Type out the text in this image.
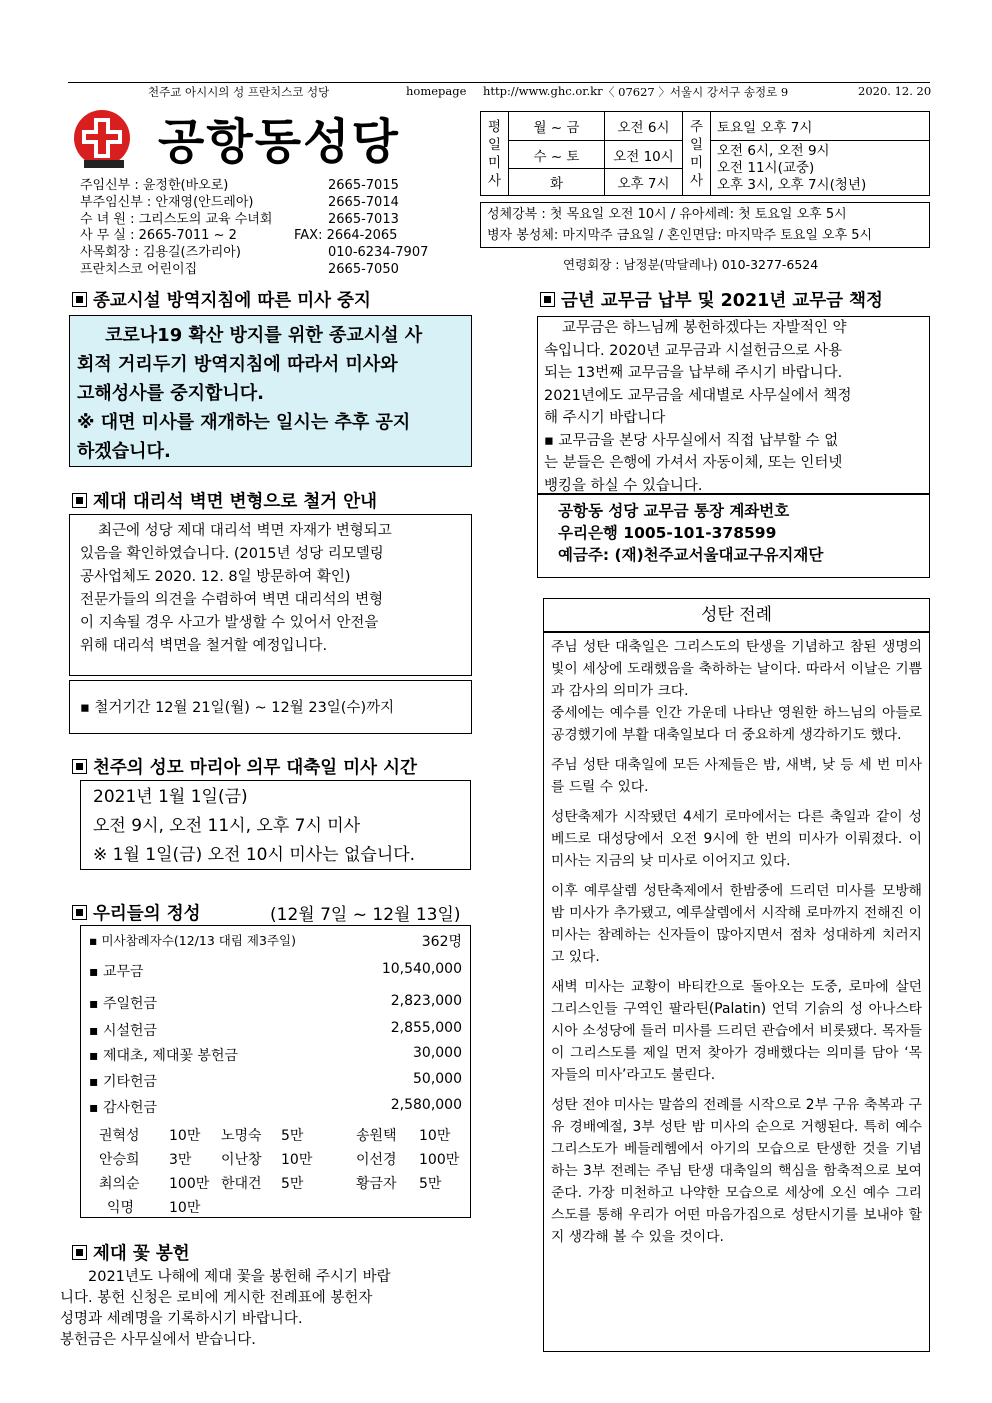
천주교 아시시의 성 프란치스코 성당	homepage http://www.ghc.or.kr 〈 07627 〉서울시 강서구 송정로 9	2020. 12. 20
공항동성당
주임신부 : 윤정한(바오로)	2665-7015
부주임신부 : 안재영(안드레아)	2665-7014
수 녀 원 : 그리스도의 교육 수녀회	2665-7013
사 무 실 : 2665-7011 ~ 2	FAX: 2664-2065
사목회장 : 김용길(즈가리아)	010-6234-7907
프란치스코 어린이집	2665-7050
평일미사	월 ~ 금	오전 6시	주일미사	토요일 오후 7시
	수 ~ 토	오전 10시		오전 6시, 오전 9시
오전 11시(교중)
오후 3시, 오후 7시(청년)

	화	오후 7시		
성체강복 : 첫 목요일 오전 10시 / 유아세례: 첫 토요일 오후 5시
병자 봉성체: 마지막주 금요일 / 혼인면담: 마지막주 토요일 오후 5시
연령회장 : 남정분(막달레나) 010-3277-6524
종교시설 방역지침에 따른 미사 중지
코로나19 확산 방지를 위한 종교시설 사
회적 거리두기 방역지침에 따라서 미사와
고해성사를 중지합니다.
※ 대면 미사를 재개하는 일시는 추후 공지
하겠습니다.
제대 대리석 벽면 변형으로 철거 안내
최근에 성당 제대 대리석 벽면 자재가 변형되고
있음을 확인하였습니다. (2015년 성당 리모델링
공사업체도 2020. 12. 8일 방문하여 확인)
전문가들의 의견을 수렴하여 벽면 대리석의 변형
이 지속될 경우 사고가 발생할 수 있어서 안전을
위해 대리석 벽면을 철거할 예정입니다.
▪ 철거기간 12월 21일(월) ~ 12월 23일(수)까지
천주의 성모 마리아 의무 대축일 미사 시간
2021년 1월 1일(금)
오전 9시, 오전 11시, 오후 7시 미사
※ 1월 1일(금) 오전 10시 미사는 없습니다.
우리들의 정성	(12월 7일 ~ 12월 13일)
▪ 미사참례자수(12/13 대림 제3주일)	362명
▪ 교무금	10,540,000
▪ 주일헌금	2,823,000
▪ 시설헌금	2,855,000
▪ 제대초, 제대꽃 봉헌금	30,000
▪ 기타헌금	50,000
▪ 감사헌금	2,580,000
권혁성 10만 노명숙 5만	송원택 10만
안승희 3만 이난창 10만	이선경 100만
최의순 100만 한대건 5만	황금자 5만
익명 10만
제대 꽃 봉헌
2021년도 나해에 제대 꽃을 봉헌해 주시기 바랍
니다. 봉헌 신청은 로비에 게시한 전례표에 봉헌자
성명과 세례명을 기록하시기 바랍니다.
봉헌금은 사무실에서 받습니다.
금년 교무금 납부 및 2021년 교무금 책정
교무금은 하느님께 봉헌하겠다는 자발적인 약
속입니다. 2020년 교무금과 시설헌금으로 사용
되는 13번째 교무금을 납부해 주시기 바랍니다.
2021년에도 교무금을 세대별로 사무실에서 책정
해 주시기 바랍니다
▪ 교무금을 본당 사무실에서 직접 납부할 수 없
는 분들은 은행에 가셔서 자동이체, 또는 인터넷
뱅킹을 하실 수 있습니다.
공항동 성당 교무금 통장 계좌번호
우리은행 1005-101-378599
예금주: (재)천주교서울대교구유지재단
성탄 전례

주님 성탄 대축일은 그리스도의 탄생을 기념하고 참된 생명의 빛이 세상에 도래했음을 축하하는 날이다. 따라서 이날은 기쁨과 감사의 의미가 크다.
중세에는 예수를 인간 가운데 나타난 영원한 하느님의 아들로 공경했기에 부활 대축일보다 더 중요하게 생각하기도 했다.

주님 성탄 대축일에 모든 사제들은 밤, 새벽, 낮 등 세 번 미사를 드릴 수 있다.

성탄축제가 시작됐던 4세기 로마에서는 다른 축일과 같이 성 베드로 대성당에서 오전 9시에 한 번의 미사가 이뤄졌다. 이 미사는 지금의 낮 미사로 이어지고 있다.

이후 예루살렘 성탄축제에서 한밤중에 드리던 미사를 모방해 밤 미사가 추가됐고, 예루살렘에서 시작해 로마까지 전해진 이 미사는 참례하는 신자들이 많아지면서 점차 성대하게 치러지고 있다.

새벽 미사는 교황이 바티칸으로 돌아오는 도중, 로마에 살던 그리스인들 구역인 팔라틴(Palatin) 언덕 기슭의 성 아나스타시아 소성당에 들러 미사를 드리던 관습에서 비롯됐다. 목자들이 그리스도를 제일 먼저 찾아가 경배했다는 의미를 담아 ‘목자들의 미사’라고도 불린다.

성탄 전야 미사는 말씀의 전례를 시작으로 2부 구유 축복과 구유 경배예절, 3부 성탄 밤 미사의 순으로 거행된다. 특히 예수 그리스도가 베들레헴에서 아기의 모습으로 탄생한 것을 기념하는 3부 전례는 주님 탄생 대축일의 핵심을 함축적으로 보여준다. 가장 미천하고 나약한 모습으로 세상에 오신 예수 그리스도를 통해 우리가 어떤 마음가짐으로 성탄시기를 보내야 할 지 생각해 볼 수 있을 것이다.
